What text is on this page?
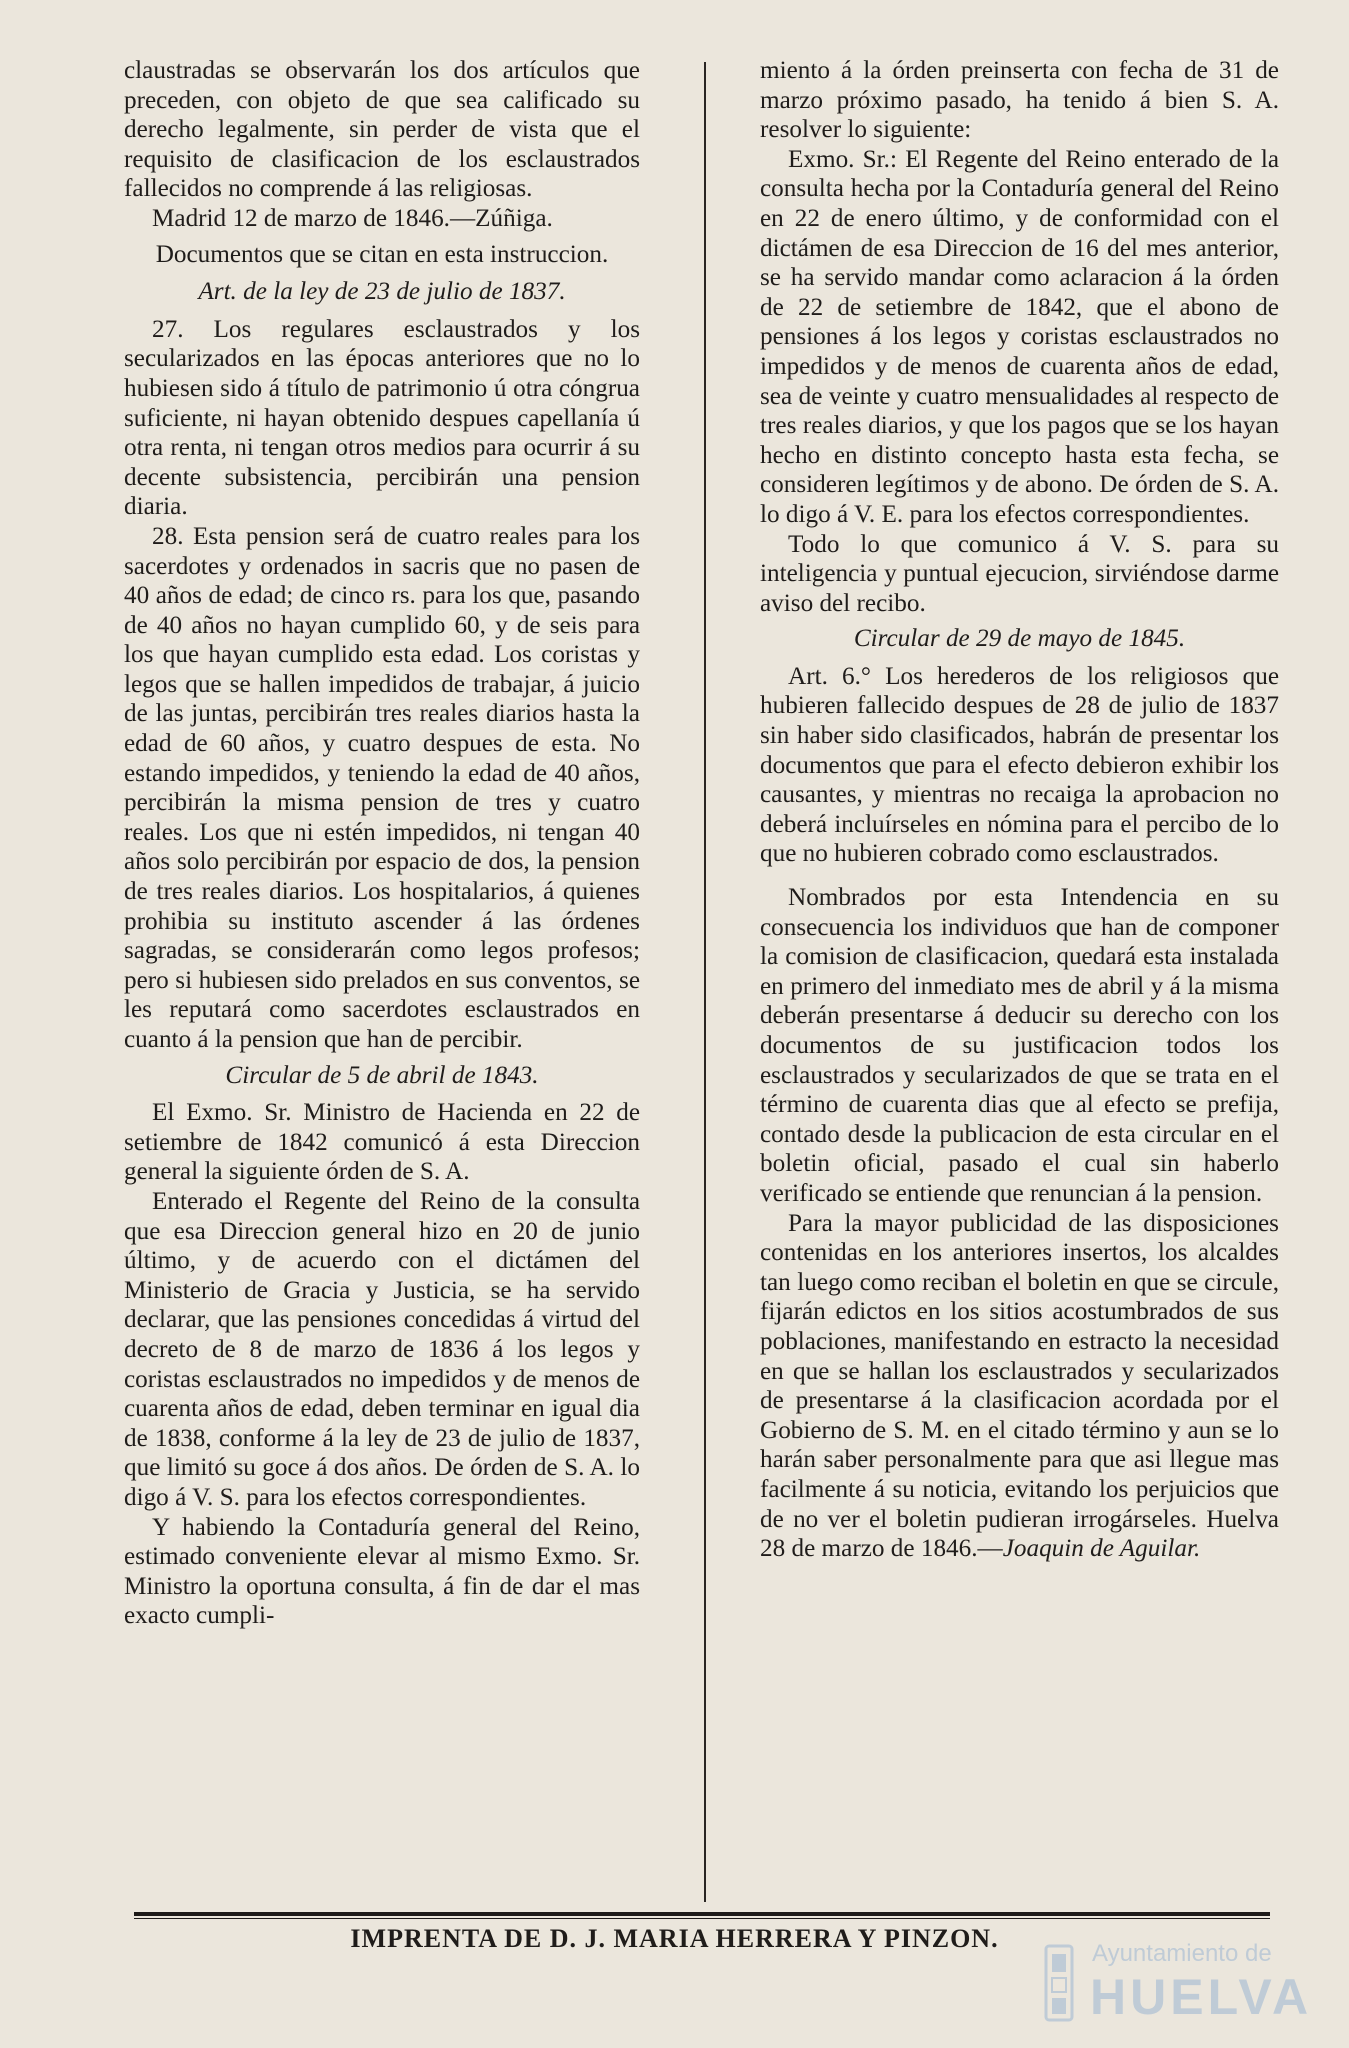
claustradas se observarán los dos artículos que preceden, con objeto de que sea calificado su derecho legalmente, sin perder de vista que el requisito de clasificacion de los esclaustrados fallecidos no comprende á las religiosas.

Madrid 12 de marzo de 1846.—Zúñiga.

Documentos que se citan en esta instruccion.

Art. de la ley de 23 de julio de 1837.

27. Los regulares esclaustrados y los secularizados en las épocas anteriores que no lo hubiesen sido á título de patrimonio ú otra cóngrua suficiente, ni hayan obtenido despues capellanía ú otra renta, ni tengan otros medios para ocurrir á su decente subsistencia, percibirán una pension diaria.

28. Esta pension será de cuatro reales para los sacerdotes y ordenados in sacris que no pasen de 40 años de edad; de cinco rs. para los que, pasando de 40 años no hayan cumplido 60, y de seis para los que hayan cumplido esta edad. Los coristas y legos que se hallen impedidos de trabajar, á juicio de las juntas, percibirán tres reales diarios hasta la edad de 60 años, y cuatro despues de esta. No estando impedidos, y teniendo la edad de 40 años, percibirán la misma pension de tres y cuatro reales. Los que ni estén impedidos, ni tengan 40 años solo percibirán por espacio de dos, la pension de tres reales diarios. Los hospitalarios, á quienes prohibia su instituto ascender á las órdenes sagradas, se considerarán como legos profesos; pero si hubiesen sido prelados en sus conventos, se les reputará como sacerdotes esclaustrados en cuanto á la pension que han de percibir.

Circular de 5 de abril de 1843.

El Exmo. Sr. Ministro de Hacienda en 22 de setiembre de 1842 comunicó á esta Direccion general la siguiente órden de S. A.

Enterado el Regente del Reino de la consulta que esa Direccion general hizo en 20 de junio último, y de acuerdo con el dictámen del Ministerio de Gracia y Justicia, se ha servido declarar, que las pensiones concedidas á virtud del decreto de 8 de marzo de 1836 á los legos y coristas esclaustrados no impedidos y de menos de cuarenta años de edad, deben terminar en igual dia de 1838, conforme á la ley de 23 de julio de 1837, que limitó su goce á dos años. De órden de S. A. lo digo á V. S. para los efectos correspondientes.

Y habiendo la Contaduría general del Reino, estimado conveniente elevar al mismo Exmo. Sr. Ministro la oportuna consulta, á fin de dar el mas exacto cumpli-

miento á la órden preinserta con fecha de 31 de marzo próximo pasado, ha tenido á bien S. A. resolver lo siguiente:

Exmo. Sr.: El Regente del Reino enterado de la consulta hecha por la Contaduría general del Reino en 22 de enero último, y de conformidad con el dictámen de esa Direccion de 16 del mes anterior, se ha servido mandar como aclaracion á la órden de 22 de setiembre de 1842, que el abono de pensiones á los legos y coristas esclaustrados no impedidos y de menos de cuarenta años de edad, sea de veinte y cuatro mensualidades al respecto de tres reales diarios, y que los pagos que se los hayan hecho en distinto concepto hasta esta fecha, se consideren legítimos y de abono. De órden de S. A. lo digo á V. E. para los efectos correspondientes.

Todo lo que comunico á V. S. para su inteligencia y puntual ejecucion, sirviéndose darme aviso del recibo.

Circular de 29 de mayo de 1845.

Art. 6.° Los herederos de los religiosos que hubieren fallecido despues de 28 de julio de 1837 sin haber sido clasificados, habrán de presentar los documentos que para el efecto debieron exhibir los causantes, y mientras no recaiga la aprobacion no deberá incluírseles en nómina para el percibo de lo que no hubieren cobrado como esclaustrados.

Nombrados por esta Intendencia en su consecuencia los individuos que han de componer la comision de clasificacion, quedará esta instalada en primero del inmediato mes de abril y á la misma deberán presentarse á deducir su derecho con los documentos de su justificacion todos los esclaustrados y secularizados de que se trata en el término de cuarenta dias que al efecto se prefija, contado desde la publicacion de esta circular en el boletin oficial, pasado el cual sin haberlo verificado se entiende que renuncian á la pension.

Para la mayor publicidad de las disposiciones contenidas en los anteriores insertos, los alcaldes tan luego como reciban el boletin en que se circule, fijarán edictos en los sitios acostumbrados de sus poblaciones, manifestando en estracto la necesidad en que se hallan los esclaustrados y secularizados de presentarse á la clasificacion acordada por el Gobierno de S. M. en el citado término y aun se lo harán saber personalmente para que asi llegue mas facilmente á su noticia, evitando los perjuicios que de no ver el boletin pudieran irrogárseles. Huelva 28 de marzo de 1846.—Joaquin de Aguilar.

IMPRENTA DE D. J. MARIA HERRERA Y PINZON.
Ayuntamiento de
HUELVA
